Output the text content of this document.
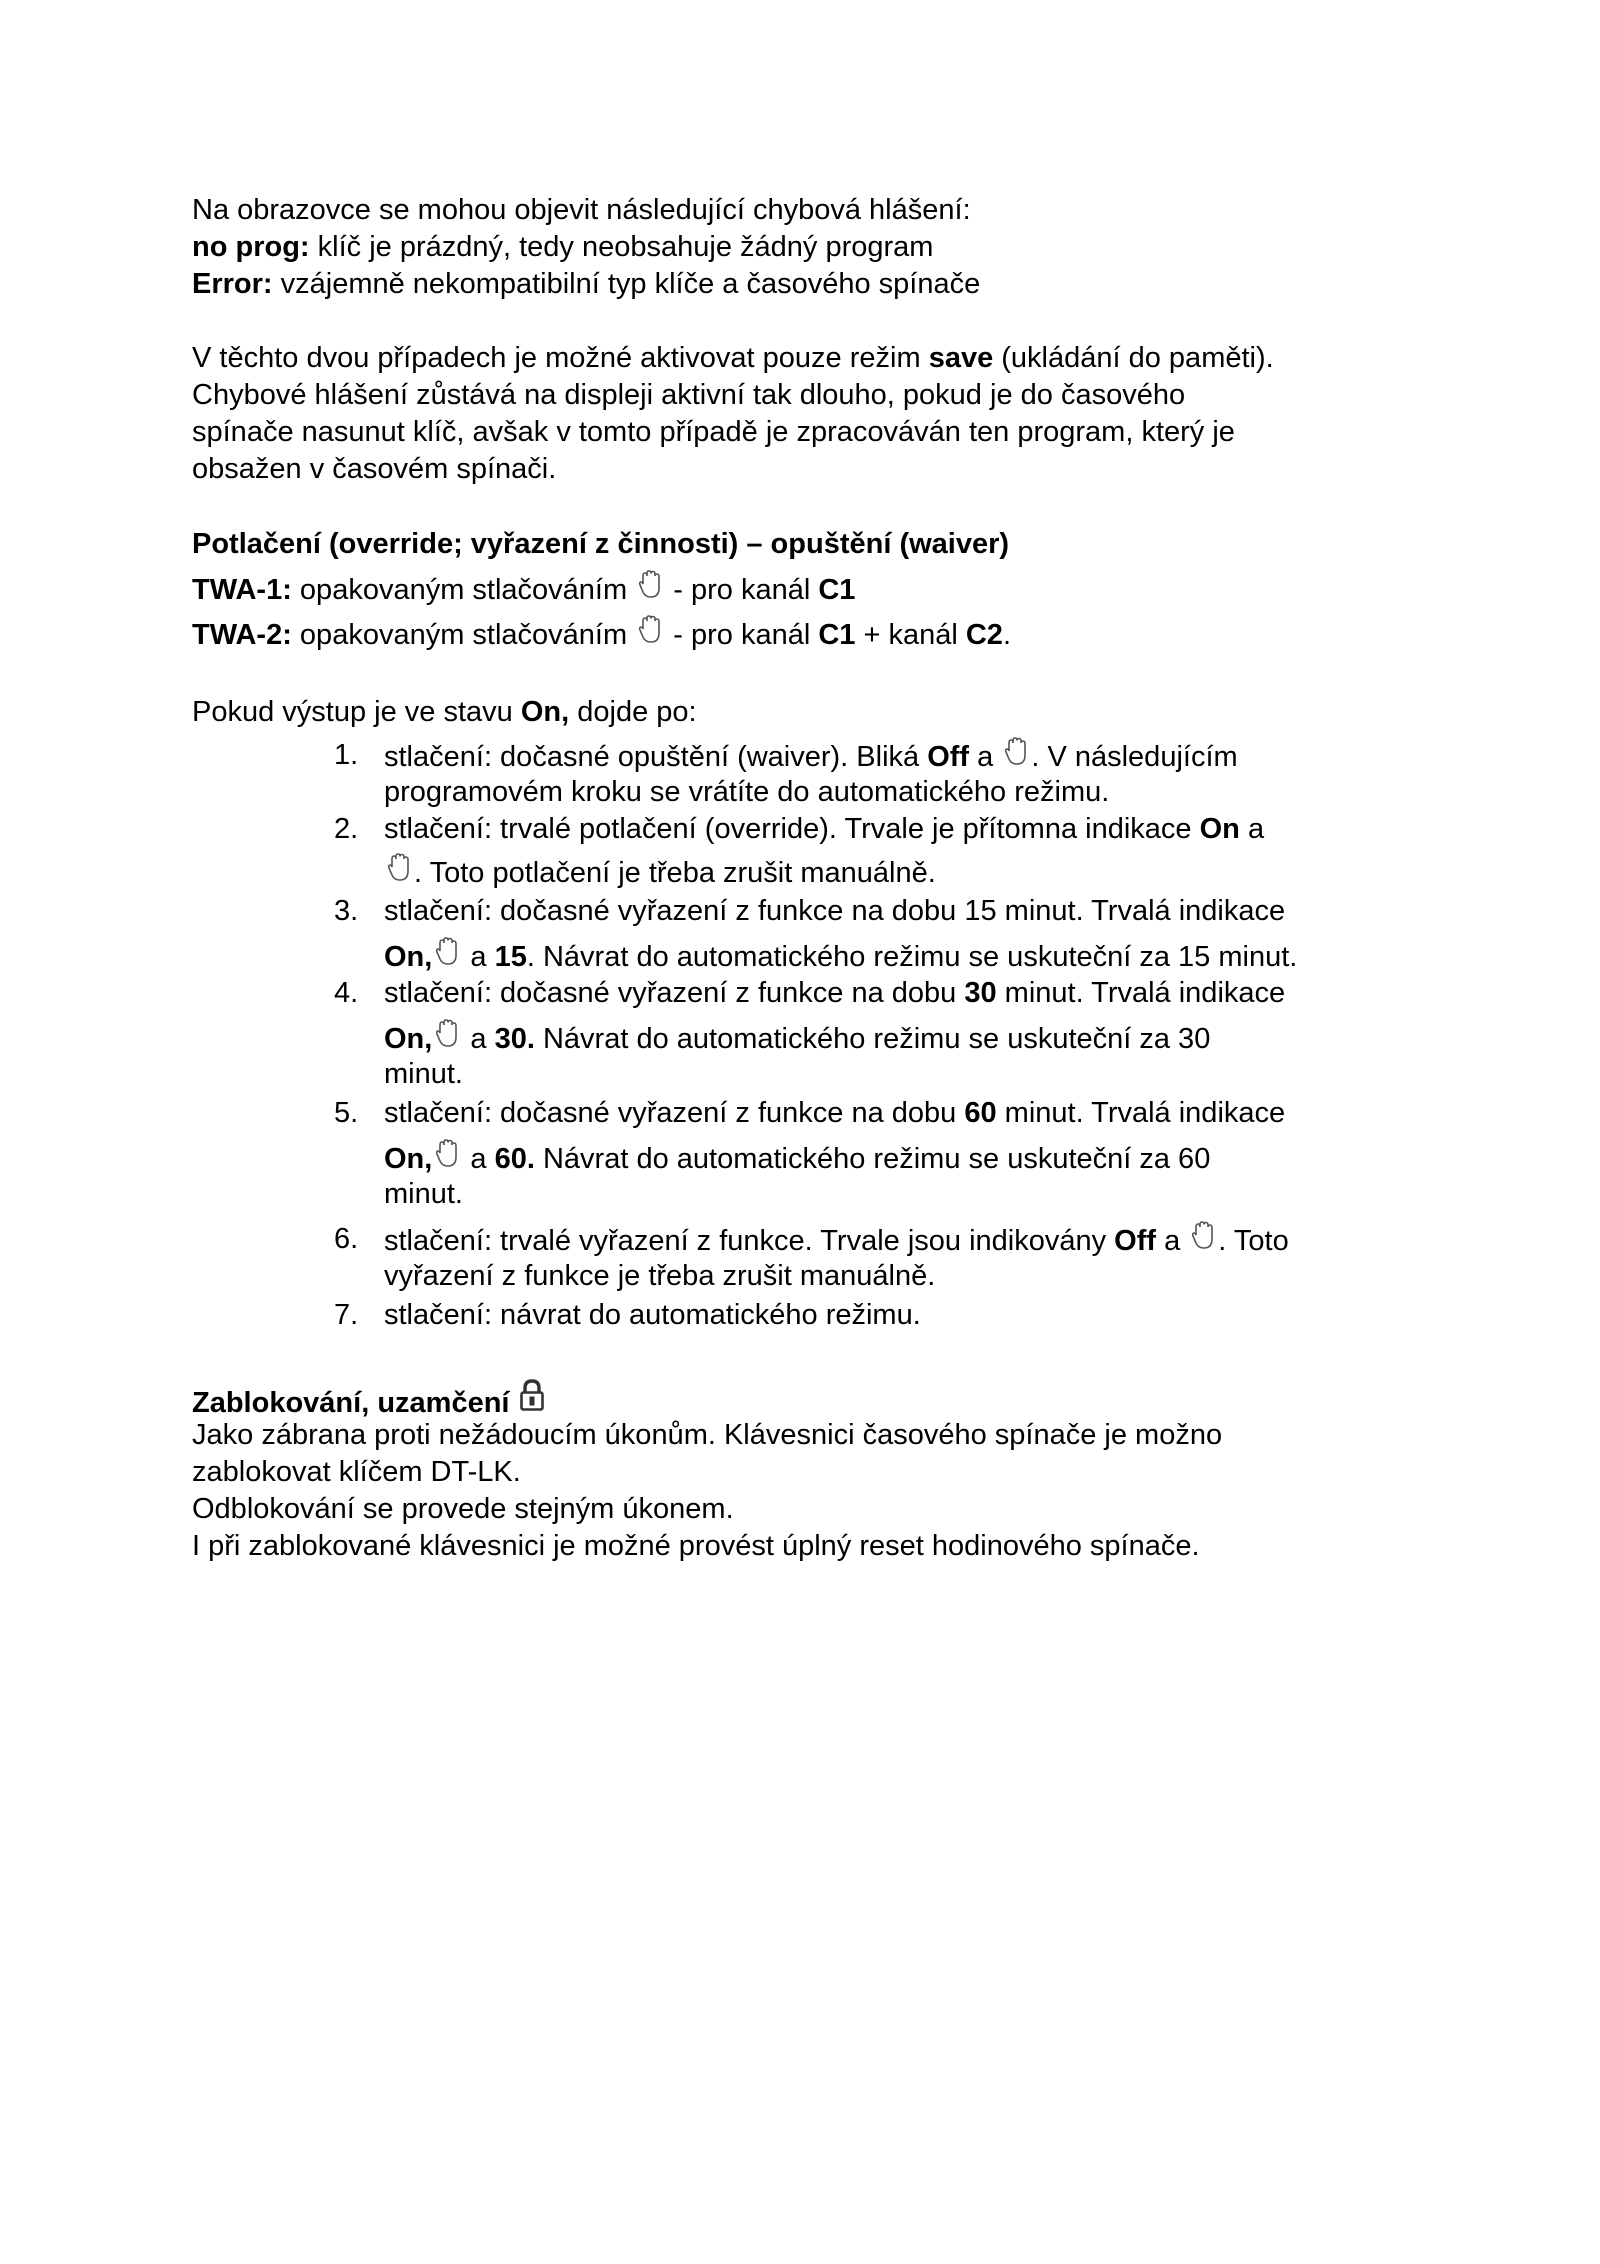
Na obrazovce se mohou objevit následující chybová hlášení:
no prog: klíč je prázdný, tedy neobsahuje žádný program
Error: vzájemně nekompatibilní typ klíče a časového spínače
V těchto dvou případech je možné aktivovat pouze režim save (ukládání do paměti).
Chybové hlášení zůstává na displeji aktivní tak dlouho, pokud je do časového
spínače nasunut klíč, avšak v tomto případě je zpracováván ten program, který je
obsažen v časovém spínači.
Potlačení (override; vyřazení z činnosti) – opuštění (waiver)
TWA-1: opakovaným stlačováním
- pro kanál C1
TWA-2: opakovaným stlačováním
- pro kanál C1 + kanál C2.
Pokud výstup je ve stavu On, dojde po:
1. stlačení: dočasné opuštění (waiver). Bliká Off a
. V následujícím
programovém kroku se vrátíte do automatického režimu.
2. stlačení: trvalé potlačení (override). Trvale je přítomna indikace On a
. Toto potlačení je třeba zrušit manuálně.
3. stlačení: dočasné vyřazení z funkce na dobu 15 minut. Trvalá indikace
On,
a 15. Návrat do automatického režimu se uskuteční za 15 minut.
4. stlačení: dočasné vyřazení z funkce na dobu 30 minut. Trvalá indikace
On,
a 30. Návrat do automatického režimu se uskuteční za 30
minut.
5. stlačení: dočasné vyřazení z funkce na dobu 60 minut. Trvalá indikace
On,
a 60. Návrat do automatického režimu se uskuteční za 60
minut.
6. stlačení: trvalé vyřazení z funkce. Trvale jsou indikovány Off a
. Toto
vyřazení z funkce je třeba zrušit manuálně.
7. stlačení: návrat do automatického režimu.
Zablokování, uzamčení
Jako zábrana proti nežádoucím úkonům. Klávesnici časového spínače je možno
zablokovat klíčem DT-LK.
Odblokování se provede stejným úkonem.
I při zablokované klávesnici je možné provést úplný reset hodinového spínače.
